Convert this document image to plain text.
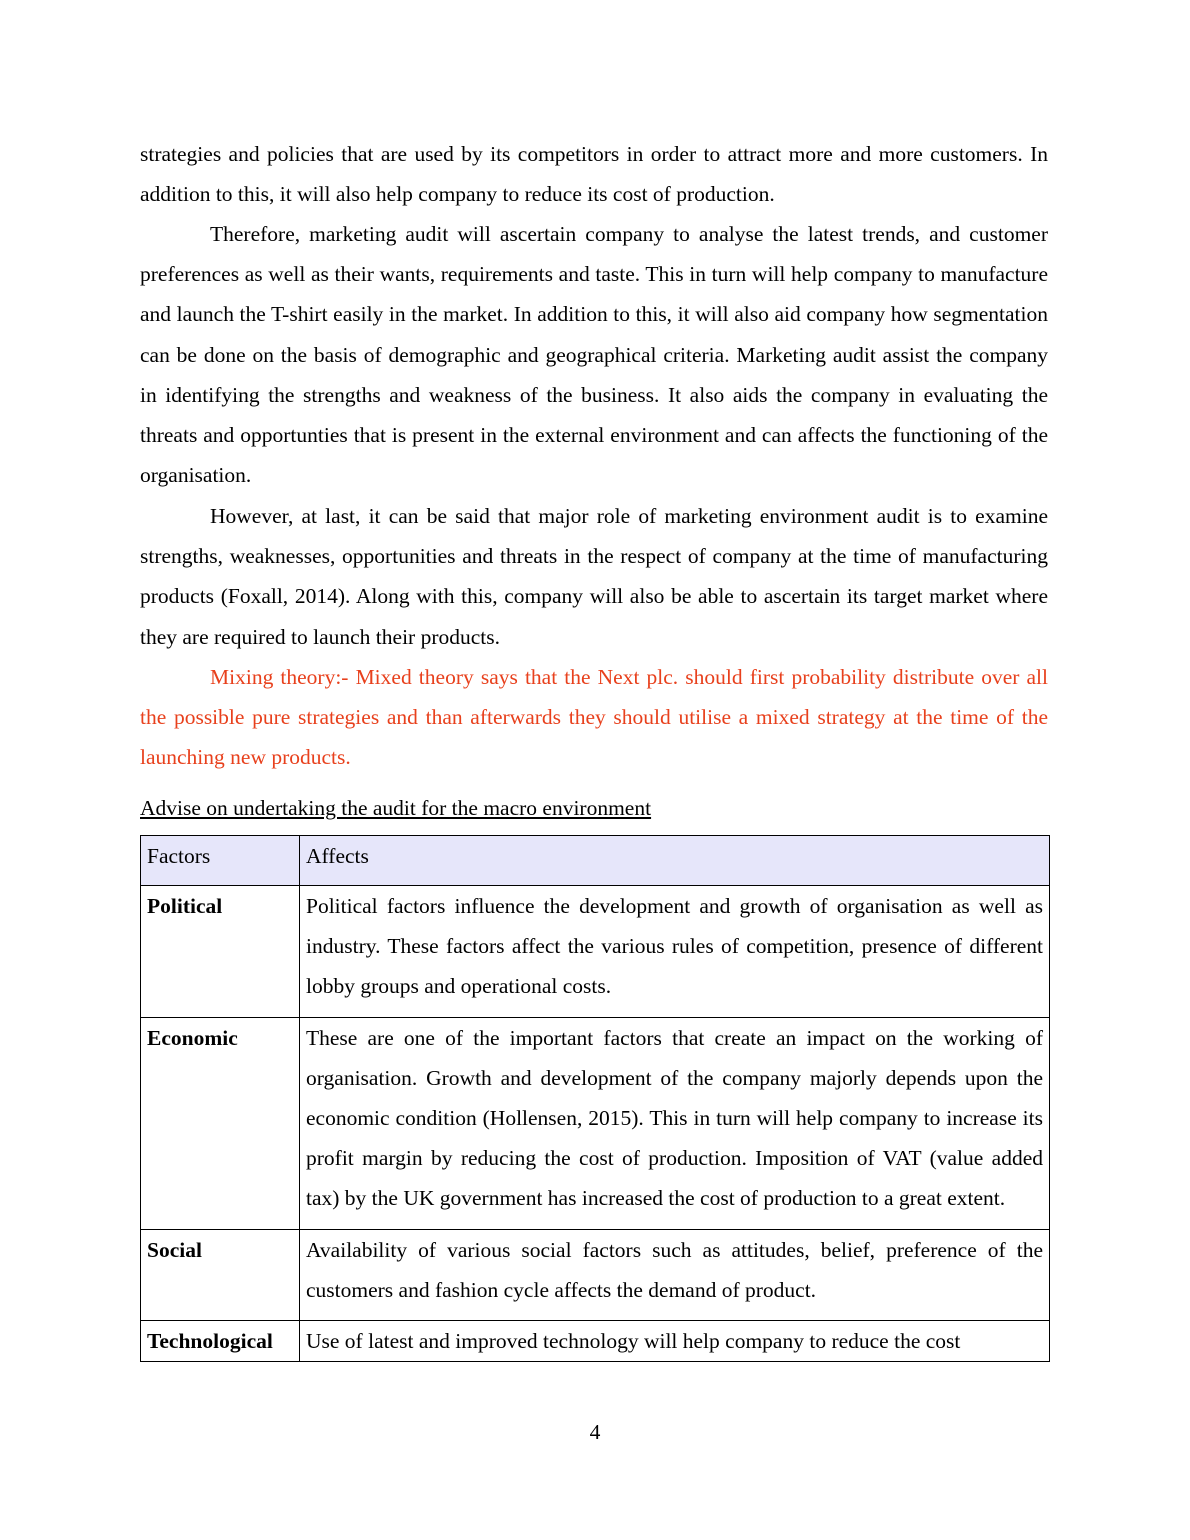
strategies and policies that are used by its competitors in order to attract more and more customers. In addition to this, it will also help company to reduce its cost of production.

Therefore, marketing audit will ascertain company to analyse the latest trends, and customer preferences as well as their wants, requirements and taste. This in turn will help company to manufacture and launch the T-shirt easily in the market. In addition to this, it will also aid company how segmentation can be done on the basis of demographic and geographical criteria. Marketing audit assist the company in identifying the strengths and weakness of the business. It also aids the company in evaluating the threats and opportunties that is present in the external environment and can affects the functioning of the organisation.

However, at last, it can be said that major role of marketing environment audit is to examine strengths, weaknesses, opportunities and threats in the respect of company at the time of manufacturing products (Foxall, 2014). Along with this, company will also be able to ascertain its target market where they are required to launch their products.

Mixing theory:- Mixed theory says that the Next plc. should first probability distribute over all the possible pure strategies and than afterwards they should utilise a mixed strategy at the time of the launching new products.

Advise on undertaking the audit for the macro environment
Factors	Affects
Political	Political factors influence the development and growth of organisation as well as industry. These factors affect the various rules of competition, presence of different lobby groups and operational costs.
Economic	These are one of the important factors that create an impact on the working of organisation. Growth and development of the company majorly depends upon the economic condition (Hollensen, 2015). This in turn will help company to increase its profit margin by reducing the cost of production. Imposition of VAT (value added tax) by the UK government has increased the cost of production to a great extent.
Social	Availability of various social factors such as attitudes, belief, preference of the customers and fashion cycle affects the demand of product.
Technological	Use of latest and improved technology will help company to reduce the cost
4
